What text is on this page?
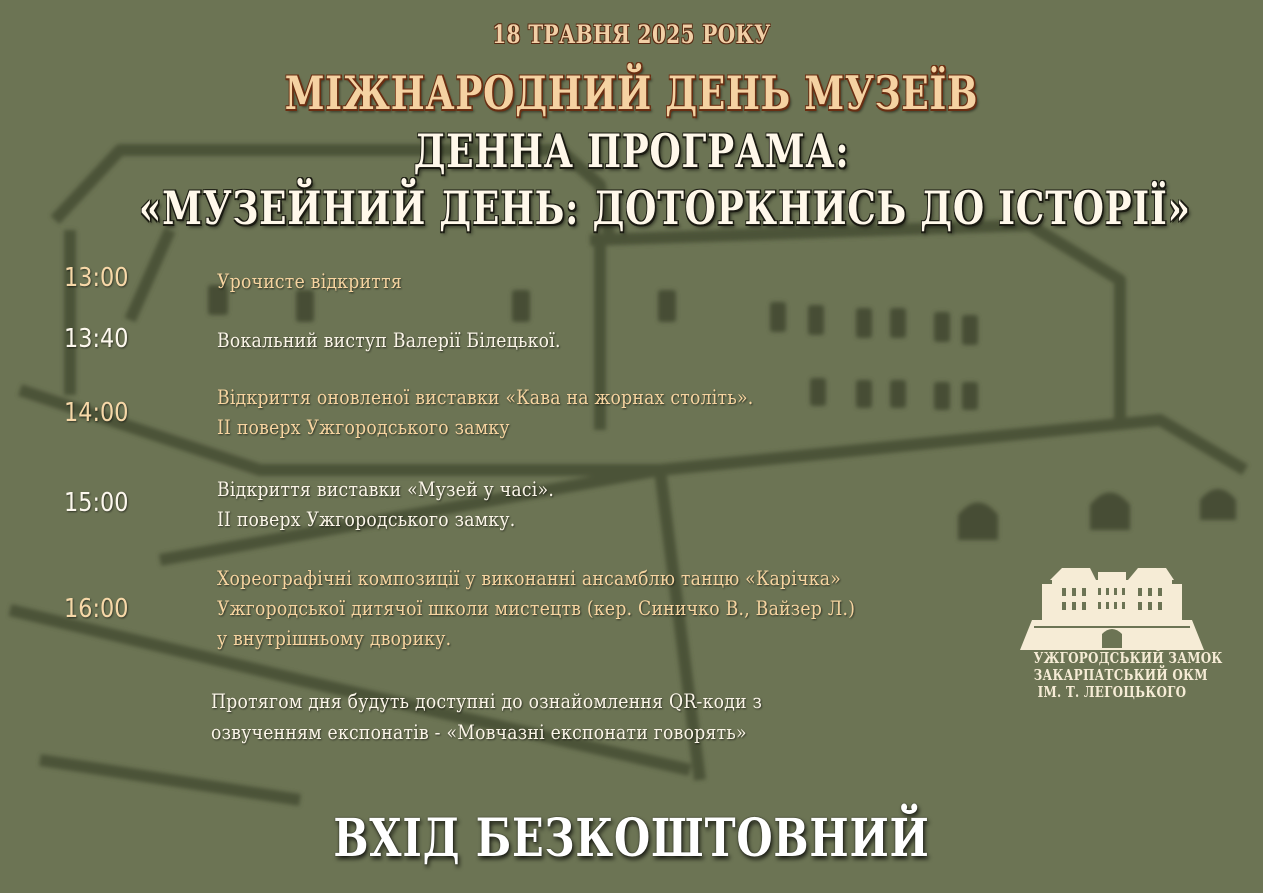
18 ТРАВНЯ 2025 РОКУ
МІЖНАРОДНИЙ ДЕНЬ МУЗЕЇВ
ДЕННА ПРОГРАМА:
«МУЗЕЙНИЙ ДЕНЬ: ДОТОРКНИСЬ ДО ІСТОРІЇ»
13:00	Урочисте відкриття
13:40	Вокальний виступ Валерії Білецької.
14:00
Відкриття оновленої виставки «Кава на жорнах століть».
ІІ поверх Ужгородського замку
15:00	Відкриття виставки «Музей у часі».
ІІ поверх Ужгородського замку.
16:00
Хореографічні композиції у виконанні ансамблю танцю «Карічка»
Ужгородської дитячої школи мистецтв (кер. Синичко В., Вайзер Л.)
у внутрішньому дворику.
Протягом дня будуть доступні до ознайомлення QR-коди з
озвученням експонатів - «Мовчазні експонати говорять»
УЖГОРОДСЬКИЙ ЗАМОК
ЗАКАРПАТСЬКИЙ ОКМ
ІМ. Т. ЛЕГОЦЬКОГО
ВХІД БЕЗКОШТОВНИЙ
